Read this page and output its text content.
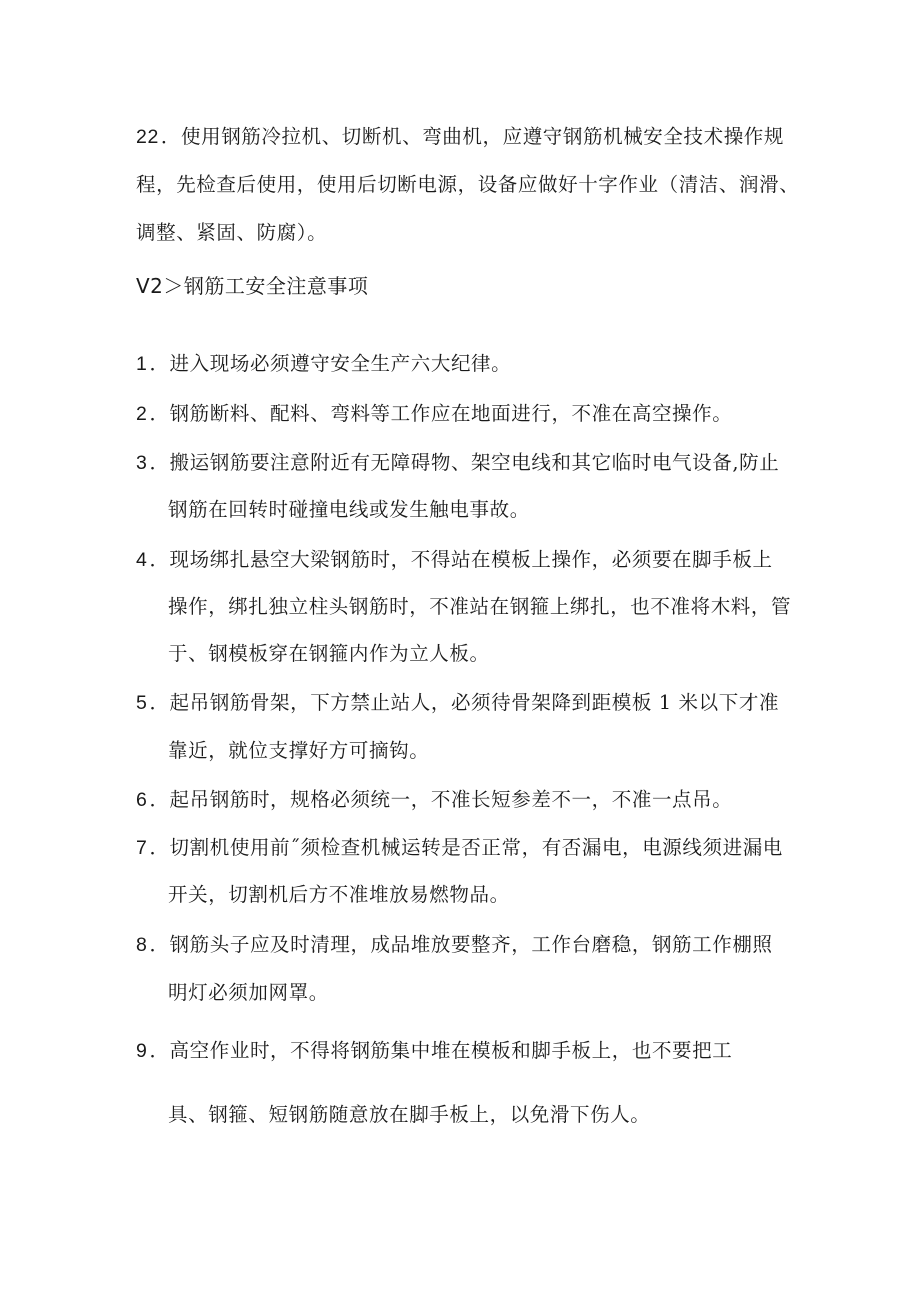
22 ．使用钢筋冷拉机、切断机、弯曲机，应遵守钢筋机械安全技术操作规
程，先检查后使用，使用后切断电源，设备应做好十字作业（清洁、润滑、
调整、紧固、防腐）。
V2＞钢筋工安全注意事项
1 ．进入现场必须遵守安全生产六大纪律。
2 ．钢筋断料、配料、弯料等工作应在地面进行，不准在高空操作。
3 ．搬运钢筋要注意附近有无障碍物、架空电线和其它临时电气设备,防止
钢筋在回转时碰撞电线或发生触电事故。
4 ．现场绑扎悬空大梁钢筋时，不得站在模板上操作，必须要在脚手板上
操作，绑扎独立柱头钢筋时，不准站在钢箍上绑扎，也不准将木料，管
于、钢模板穿在钢箍内作为立人板。
5 ．起吊钢筋骨架，下方禁止站人，必须待骨架降到距模板 1 米以下才准
靠近，就位支撑好方可摘钩。
6 ．起吊钢筋时，规格必须统一，不准长短参差不一，不准一点吊。
7 ．切割机使用前˝须检查机械运转是否正常，有否漏电，电源线须进漏电
开关，切割机后方不准堆放易燃物品。
8 ．钢筋头子应及时清理，成品堆放要整齐，工作台磨稳，钢筋工作棚照
明灯必须加网罩。
9 ．高空作业时，不得将钢筋集中堆在模板和脚手板上，也不要把工
具、钢箍、短钢筋随意放在脚手板上，以免滑下伤人。
